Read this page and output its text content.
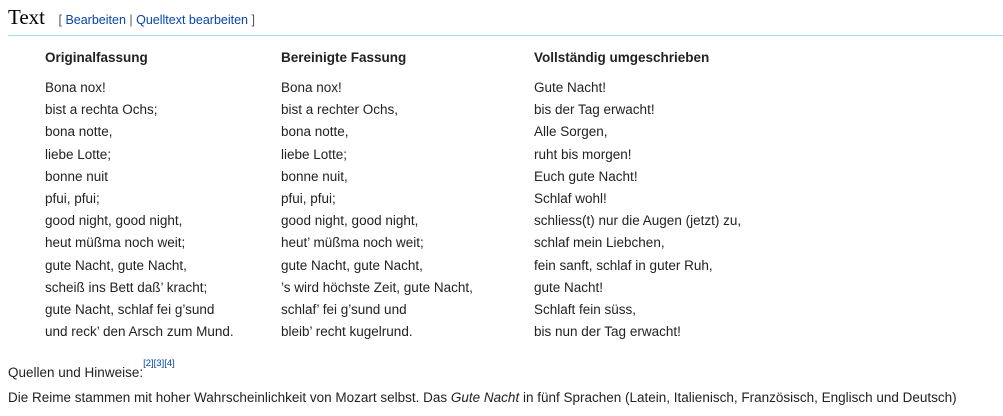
Text [ Bearbeiten | Quelltext bearbeiten ]
Originalfassung
Bona nox!
bist a rechta Ochs;
bona notte,
liebe Lotte;
bonne nuit
pfui, pfui;
good night, good night,
heut müßma noch weit;
gute Nacht, gute Nacht,
scheiß ins Bett daß’ kracht;
gute Nacht, schlaf fei g’sund
und reck’ den Arsch zum Mund.
Bereinigte Fassung
Bona nox!
bist a rechter Ochs,
bona notte,
liebe Lotte;
bonne nuit,
pfui, pfui;
good night, good night,
heut’ müßma noch weit;
gute Nacht, gute Nacht,
’s wird höchste Zeit, gute Nacht,
schlaf’ fei g’sund und
bleib’ recht kugelrund.
Vollständig umgeschrieben
Gute Nacht!
bis der Tag erwacht!
Alle Sorgen,
ruht bis morgen!
Euch gute Nacht!
Schlaf wohl!
schliess(t) nur die Augen (jetzt) zu,
schlaf mein Liebchen,
fein sanft, schlaf in guter Ruh,
gute Nacht!
Schlaft fein süss,
bis nun der Tag erwacht!
Quellen und Hinweise:[2][3][4]
Die Reime stammen mit hoher Wahrscheinlichkeit von Mozart selbst. Das Gute Nacht in fünf Sprachen (Latein, Italienisch, Französisch, Englisch und Deutsch)
